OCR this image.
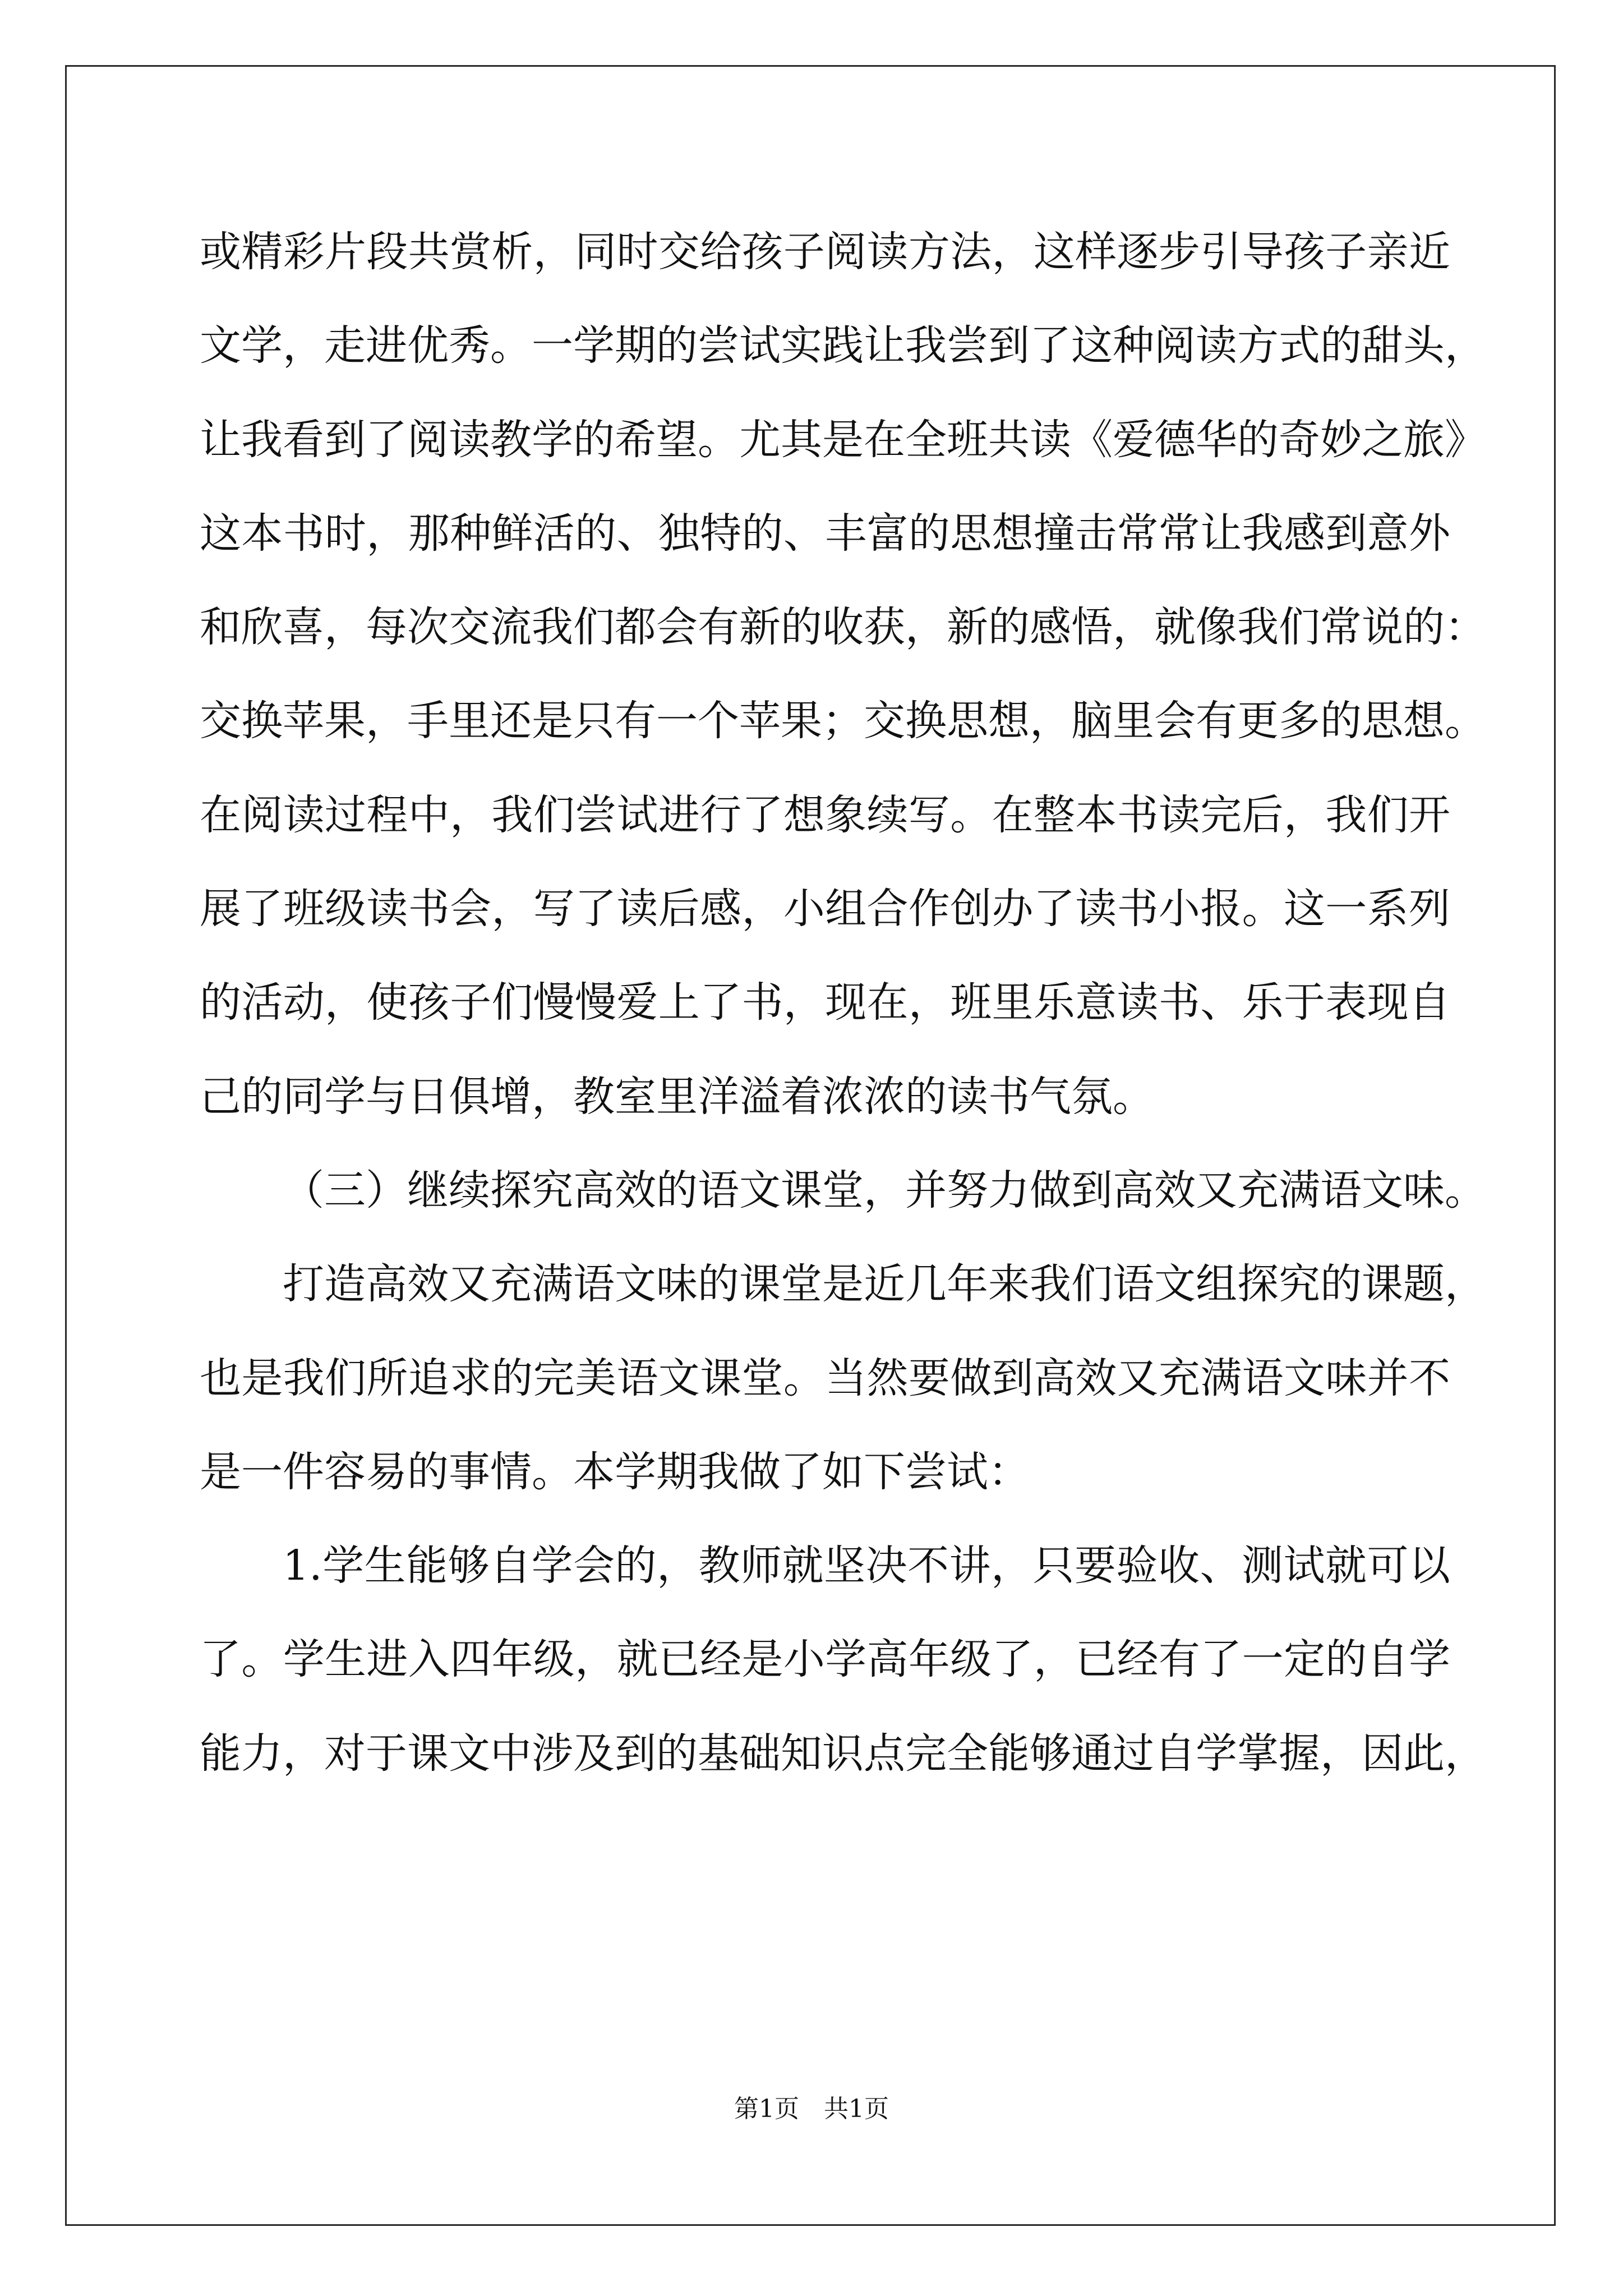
或精彩片段共赏析，同时交给孩子阅读方法，这样逐步引导孩子亲近
文学，走进优秀。一学期的尝试实践让我尝到了这种阅读方式的甜头，
让我看到了阅读教学的希望。尤其是在全班共读《爱德华的奇妙之旅》
这本书时，那种鲜活的、独特的、丰富的思想撞击常常让我感到意外
和欣喜，每次交流我们都会有新的收获，新的感悟，就像我们常说的：
交换苹果，手里还是只有一个苹果；交换思想，脑里会有更多的思想。
在阅读过程中，我们尝试进行了想象续写。在整本书读完后，我们开
展了班级读书会，写了读后感，小组合作创办了读书小报。这一系列
的活动，使孩子们慢慢爱上了书，现在，班里乐意读书、乐于表现自
己的同学与日俱增，教室里洋溢着浓浓的读书气氛。
（三）继续探究高效的语文课堂，并努力做到高效又充满语文味。
打造高效又充满语文味的课堂是近几年来我们语文组探究的课题，
也是我们所追求的完美语文课堂。当然要做到高效又充满语文味并不
是一件容易的事情。本学期我做了如下尝试：
1.学生能够自学会的，教师就坚决不讲，只要验收、测试就可以
了。学生进入四年级，就已经是小学高年级了，已经有了一定的自学
能力，对于课文中涉及到的基础知识点完全能够通过自学掌握，因此，
第1页 共1页
